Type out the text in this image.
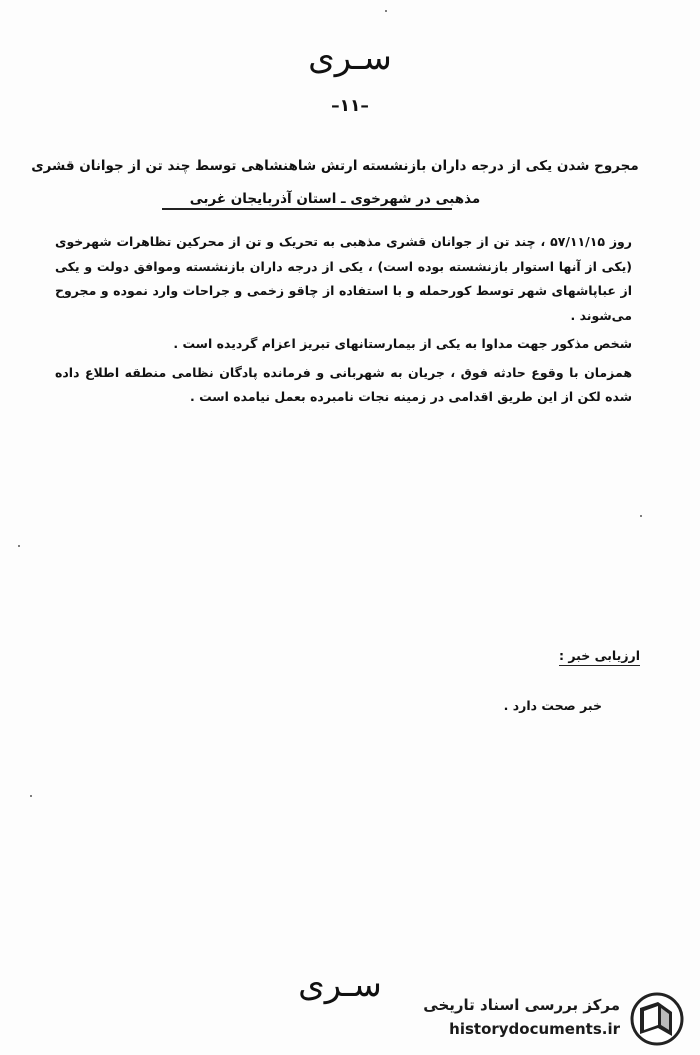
سـری
–۱۱–
مجروح شدن یکی از درجه داران بازنشسته ارتش شاهنشاهی توسط چند تن از جوانان قشری
مذهبی در شهرخوی ـ استان آذربایجان غربی

روز ۵۷/۱۱/۱۵ ، چند تن از جوانان قشری مذهبی به تحریک و تن از محرکین تظاهرات شهرخوی (یکی از آنها استوار بازنشسته بوده است) ، یکی از درجه داران بازنشسته وموافق دولت و یکی از عباپاشهای شهر توسط کورحمله و با استفاده از چاقو زخمی و جراحات وارد نموده و مجروح می‌شوند .

شخص مذکور جهت مداوا به یکی از بیمارستانهای تبریز اعزام گردیده است .

همزمان با وقوع حادثه فوق ، جریان به شهربانی و فرمانده پادگان نظامی منطقه اطلاع داده شده لکن از این طریق اقدامی در زمینه نجات نامبرده بعمل نیامده است .

ارزیابی خبر :
خبر صحت دارد .
سـری	مرکز بررسی اسناد تاریخی
historydocuments.ir
